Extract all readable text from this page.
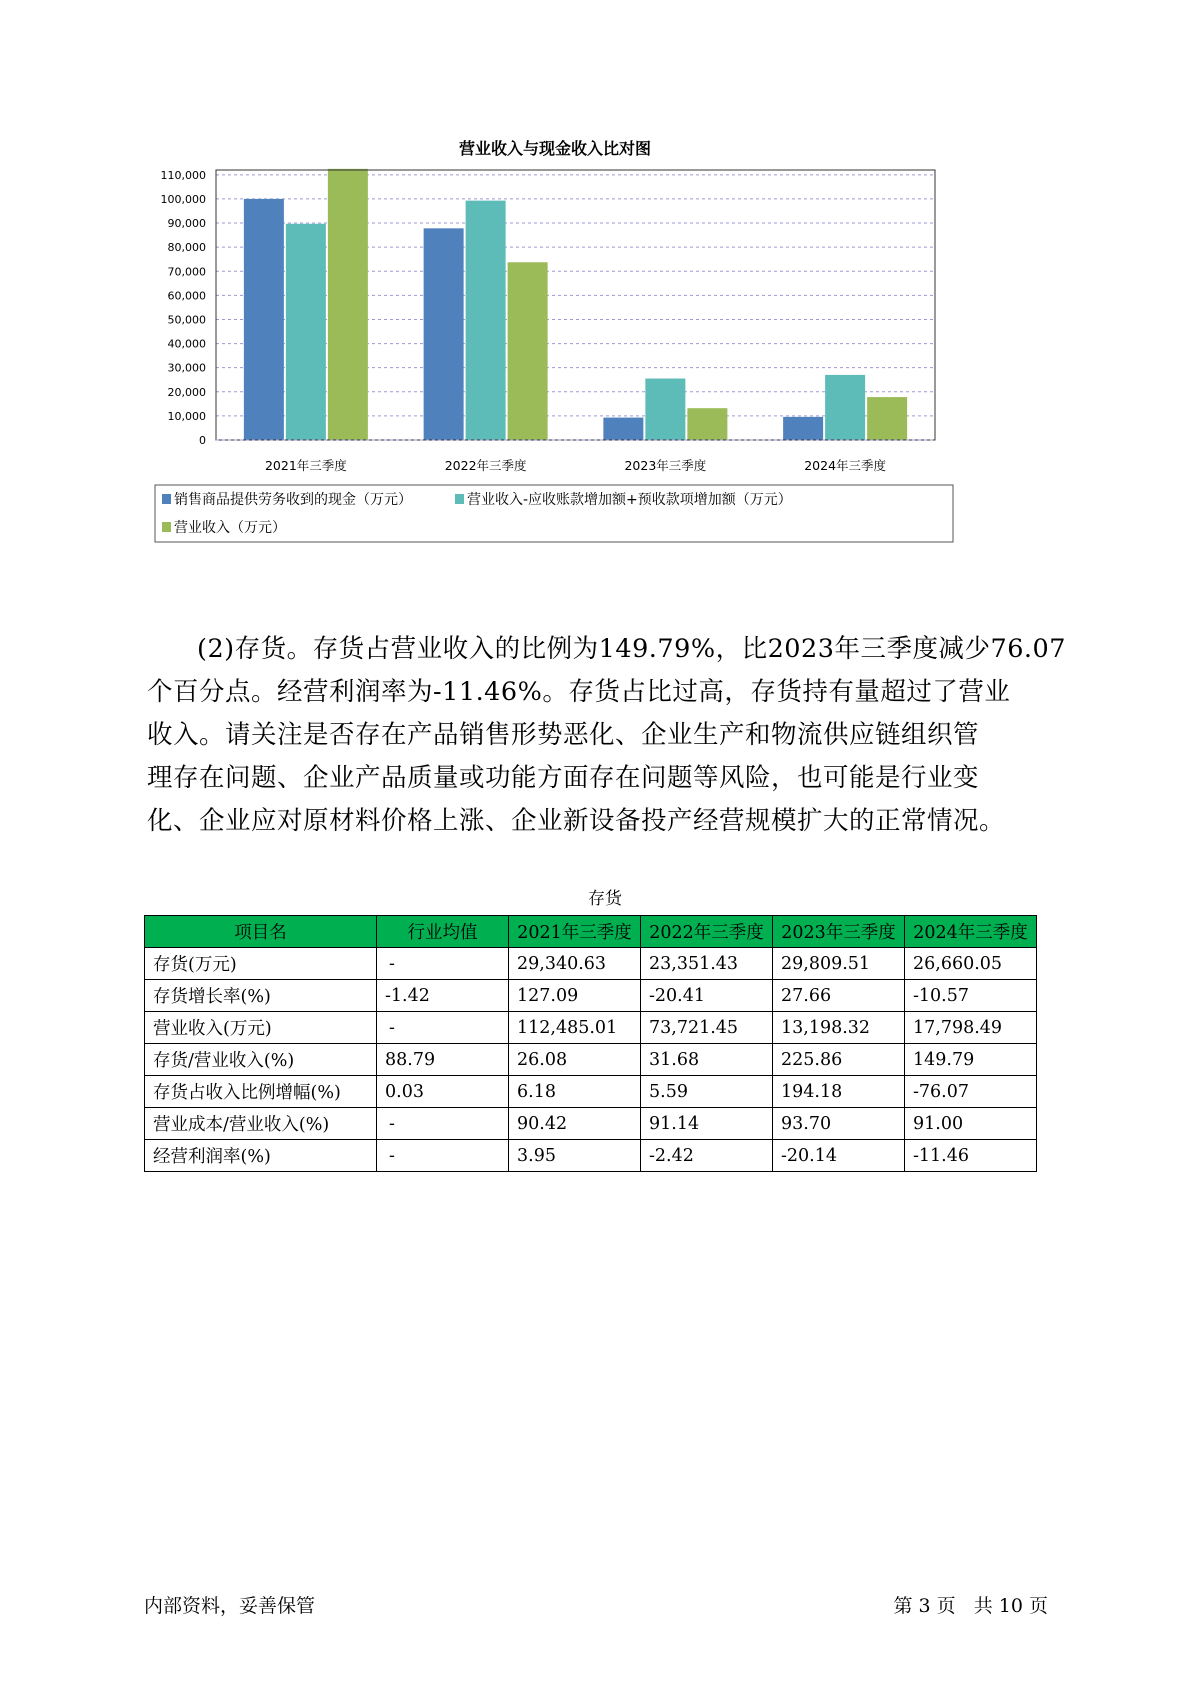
营业收入与现金收入比对图
0
10,000
20,000
30,000
40,000
50,000
60,000
70,000
80,000
90,000
100,000
110,000
2021年三季度	2022年三季度	2023年三季度	2024年三季度
销售商品提供劳务收到的现金（万元）	营业收入-应收账款增加额+预收款项增加额（万元）
营业收入（万元）
(2)存货。存货占营业收入的比例为149.79%，比2023年三季度减少76.07
个百分点。经营利润率为-11.46%。存货占比过高，存货持有量超过了营业
收入。请关注是否存在产品销售形势恶化、企业生产和物流供应链组织管
理存在问题、企业产品质量或功能方面存在问题等风险，也可能是行业变
化、企业应对原材料价格上涨、企业新设备投产经营规模扩大的正常情况。
存货
项目名	行业均值	2021年三季度	2022年三季度	2023年三季度	2024年三季度
存货(万元)	-	29,340.63	23,351.43	29,809.51	26,660.05
存货增长率(%)	-1.42	127.09	-20.41	27.66	-10.57
营业收入(万元)	-	112,485.01	73,721.45	13,198.32	17,798.49
存货/营业收入(%)	88.79	26.08	31.68	225.86	149.79
存货占收入比例增幅(%)	0.03	6.18	5.59	194.18	-76.07
营业成本/营业收入(%)	-	90.42	91.14	93.70	91.00
经营利润率(%)	-	3.95	-2.42	-20.14	-11.46
内部资料，妥善保管	第 3 页   共 10 页
